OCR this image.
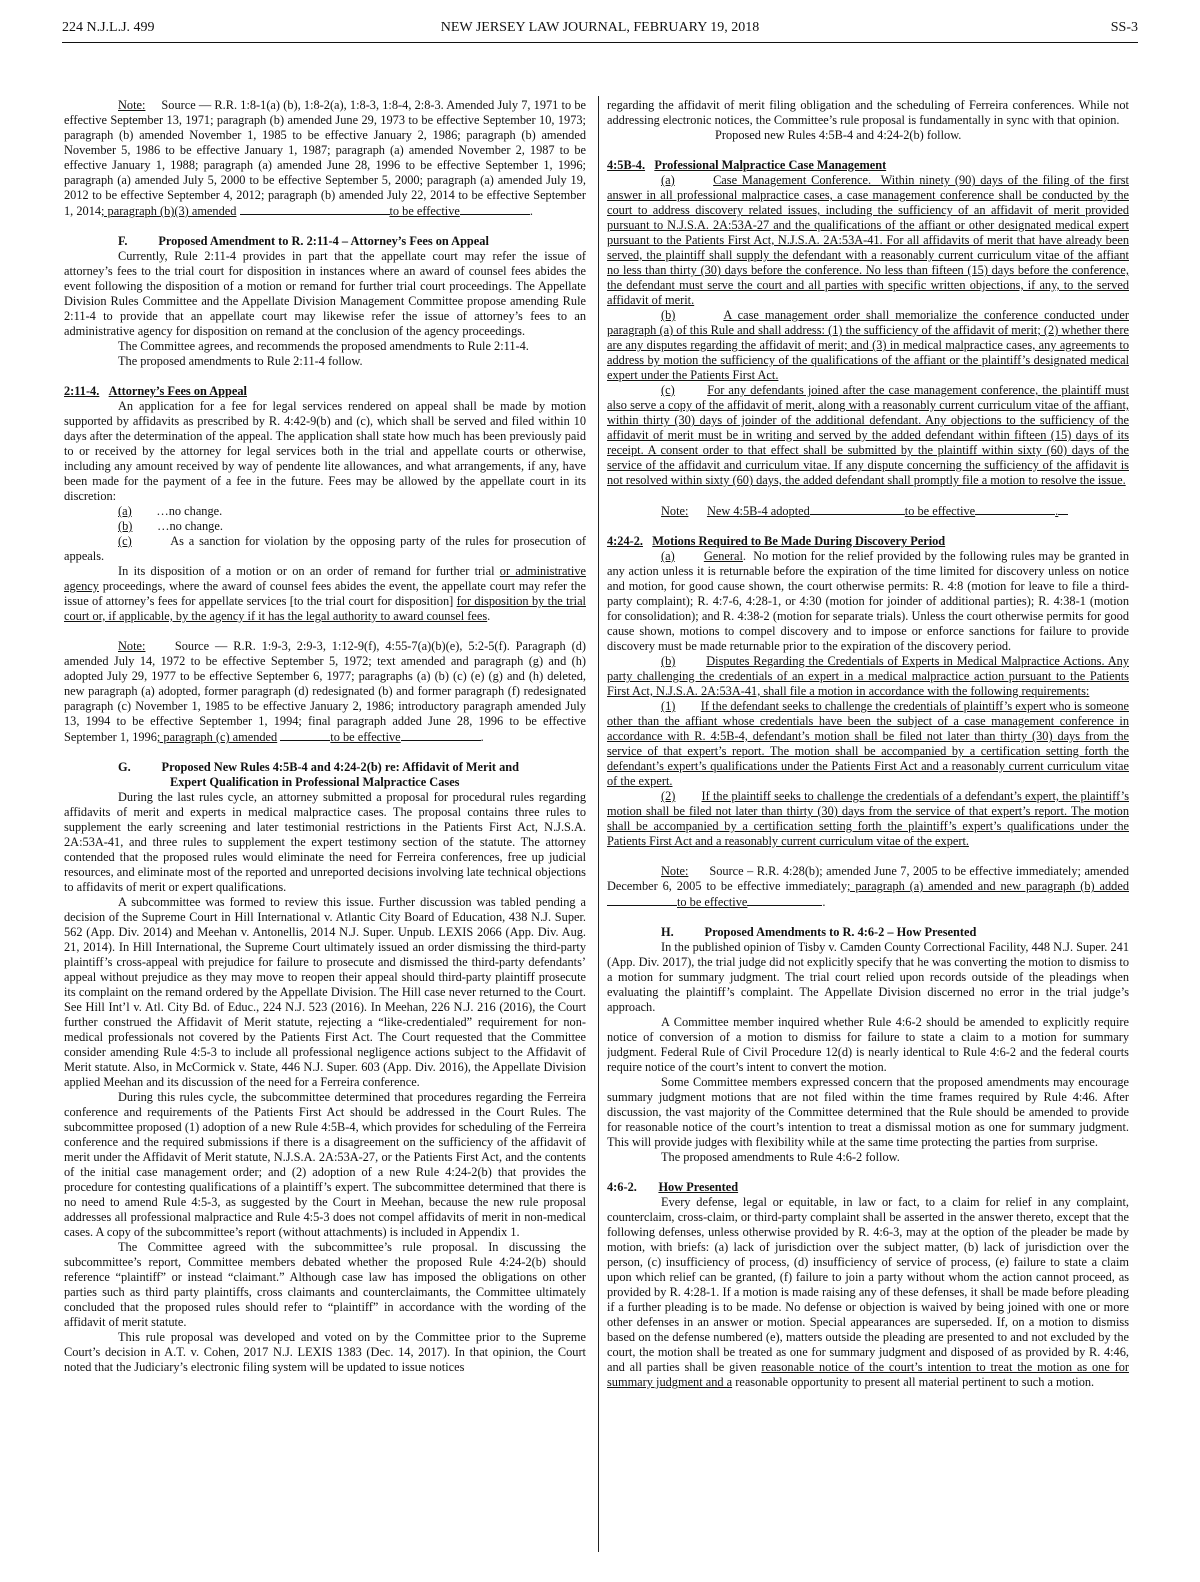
224 N.J.L.J. 499	NEW JERSEY LAW JOURNAL, FEBRUARY 19, 2018	SS-3

Note: Source — R.R. 1:8-1(a) (b), 1:8-2(a), 1:8-3, 1:8-4, 2:8-3. Amended July 7, 1971 to be effective September 13, 1971; paragraph (b) amended June 29, 1973 to be effective September 10, 1973; paragraph (b) amended November 1, 1985 to be effective January 2, 1986; paragraph (b) amended November 5, 1986 to be effective January 1, 1987; paragraph (a) amended November 2, 1987 to be effective January 1, 1988; paragraph (a) amended June 28, 1996 to be effective September 1, 1996; paragraph (a) amended July 5, 2000 to be effective September 5, 2000; paragraph (a) amended July 19, 2012 to be effective September 4, 2012; paragraph (b) amended July 22, 2014 to be effective September 1, 2014; paragraph (b)(3) amended	to be effective	.

F.          Proposed Amendment to R. 2:11-4 – Attorney’s Fees on Appeal

Currently, Rule 2:11-4 provides in part that the appellate court may refer the issue of attorney’s fees to the trial court for disposition in instances where an award of counsel fees abides the event following the disposition of a motion or remand for further trial court proceedings. The Appellate Division Rules Committee and the Appellate Division Management Committee propose amending Rule 2:11-4 to provide that an appellate court may likewise refer the issue of attorney’s fees to an administrative agency for disposition on remand at the conclusion of the agency proceedings.

The Committee agrees, and recommends the proposed amendments to Rule 2:11-4.

The proposed amendments to Rule 2:11-4 follow.

2:11-4. Attorney’s Fees on Appeal

An application for a fee for legal services rendered on appeal shall be made by motion supported by affidavits as prescribed by R. 4:42-9(b) and (c), which shall be served and filed within 10 days after the determination of the appeal. The application shall state how much has been previously paid to or received by the attorney for legal services both in the trial and appellate courts or otherwise, including any amount received by way of pendente lite allowances, and what arrangements, if any, have been made for the payment of a fee in the future. Fees may be allowed by the appellate court in its discretion:

(a) …no change.

(b) …no change.

(c)	As a sanction for violation by the opposing party of the rules for prosecution of appeals.

In its disposition of a motion or on an order of remand for further trial or administrative agency proceedings, where the award of counsel fees abides the event, the appellate court may refer the issue of attorney’s fees for appellate services [to the trial court for disposition] for disposition by the trial court or, if applicable, by the agency if it has the legal authority to award counsel fees.

Note: Source — R.R. 1:9-3, 2:9-3, 1:12-9(f), 4:55-7(a)(b)(e), 5:2-5(f). Paragraph (d) amended July 14, 1972 to be effective September 5, 1972; text amended and paragraph (g) and (h) adopted July 29, 1977 to be effective September 6, 1977; paragraphs (a) (b) (c) (e) (g) and (h) deleted, new paragraph (a) adopted, former paragraph (d) redesignated (b) and former paragraph (f) redesignated paragraph (c) November 1, 1985 to be effective January 2, 1986; introductory paragraph amended July 13, 1994 to be effective September 1, 1994; final paragraph added June 28, 1996 to be effective September 1, 1996; paragraph (c) amended	to be effective	.

G.          Proposed New Rules 4:5B-4 and 4:24-2(b) re: Affidavit of Merit and

Expert Qualification in Professional Malpractice Cases

During the last rules cycle, an attorney submitted a proposal for procedural rules regarding affidavits of merit and experts in medical malpractice cases. The proposal contains three rules to supplement the early screening and later testimonial restrictions in the Patients First Act, N.J.S.A. 2A:53A-41, and three rules to supplement the expert testimony section of the statute. The attorney contended that the proposed rules would eliminate the need for Ferreira conferences, free up judicial resources, and eliminate most of the reported and unreported decisions involving late technical objections to affidavits of merit or expert qualifications.

A subcommittee was formed to review this issue. Further discussion was tabled pending a decision of the Supreme Court in Hill International v. Atlantic City Board of Education, 438 N.J. Super. 562 (App. Div. 2014) and Meehan v. Antonellis, 2014 N.J. Super. Unpub. LEXIS 2066 (App. Div. Aug. 21, 2014). In Hill International, the Supreme Court ultimately issued an order dismissing the third-party plaintiff’s cross-appeal with prejudice for failure to prosecute and dismissed the third-party defendants’ appeal without prejudice as they may move to reopen their appeal should third-party plaintiff prosecute its complaint on the remand ordered by the Appellate Division. The Hill case never returned to the Court. See Hill Int’l v. Atl. City Bd. of Educ., 224 N.J. 523 (2016). In Meehan, 226 N.J. 216 (2016), the Court further construed the Affidavit of Merit statute, rejecting a “like-credentialed” requirement for non-medical professionals not covered by the Patients First Act. The Court requested that the Committee consider amending Rule 4:5-3 to include all professional negligence actions subject to the Affidavit of Merit statute. Also, in McCormick v. State, 446 N.J. Super. 603 (App. Div. 2016), the Appellate Division applied Meehan and its discussion of the need for a Ferreira conference.

During this rules cycle, the subcommittee determined that procedures regarding the Ferreira conference and requirements of the Patients First Act should be addressed in the Court Rules. The subcommittee proposed (1) adoption of a new Rule 4:5B-4, which provides for scheduling of the Ferreira conference and the required submissions if there is a disagreement on the sufficiency of the affidavit of merit under the Affidavit of Merit statute, N.J.S.A. 2A:53A-27, or the Patients First Act, and the contents of the initial case management order; and (2) adoption of a new Rule 4:24-2(b) that provides the procedure for contesting qualifications of a plaintiff’s expert. The subcommittee determined that there is no need to amend Rule 4:5-3, as suggested by the Court in Meehan, because the new rule proposal addresses all professional malpractice and Rule 4:5-3 does not compel affidavits of merit in non-medical cases. A copy of the subcommittee’s report (without attachments) is included in Appendix 1.

The Committee agreed with the subcommittee’s rule proposal. In discussing the subcommittee’s report, Committee members debated whether the proposed Rule 4:24-2(b) should reference “plaintiff” or instead “claimant.” Although case law has imposed the obligations on other parties such as third party plaintiffs, cross claimants and counterclaimants, the Committee ultimately concluded that the proposed rules should refer to “plaintiff” in accordance with the wording of the affidavit of merit statute.

This rule proposal was developed and voted on by the Committee prior to the Supreme Court’s decision in A.T. v. Cohen, 2017 N.J. LEXIS 1383 (Dec. 14, 2017). In that opinion, the Court noted that the Judiciary’s electronic filing system will be updated to issue notices

regarding the affidavit of merit filing obligation and the scheduling of Ferreira conferences. While not addressing electronic notices, the Committee’s rule proposal is fundamentally in sync with that opinion.

Proposed new Rules 4:5B-4 and 4:24-2(b) follow.

4:5B-4. Professional Malpractice Case Management

(a)	Case Management Conference.  Within ninety (90) days of the filing of the first answer in all professional malpractice cases, a case management conference shall be conducted by the court to address discovery related issues, including the sufficiency of an affidavit of merit provided pursuant to N.J.S.A. 2A:53A-27 and the qualifications of the affiant or other designated medical expert pursuant to the Patients First Act, N.J.S.A. 2A:53A-41. For all affidavits of merit that have already been served, the plaintiff shall supply the defendant with a reasonably current curriculum vitae of the affiant no less than thirty (30) days before the conference. No less than fifteen (15) days before the conference, the defendant must serve the court and all parties with specific written objections, if any, to the served affidavit of merit.

(b)	A case management order shall memorialize the conference conducted under paragraph (a) of this Rule and shall address: (1) the sufficiency of the affidavit of merit; (2) whether there are any disputes regarding the affidavit of merit; and (3) in medical malpractice cases, any agreements to address by motion the sufficiency of the qualifications of the affiant or the plaintiff’s designated medical expert under the Patients First Act.

(c)	For any defendants joined after the case management conference, the plaintiff must also serve a copy of the affidavit of merit, along with a reasonably current curriculum vitae of the affiant, within thirty (30) days of joinder of the additional defendant. Any objections to the sufficiency of the affidavit of merit must be in writing and served by the added defendant within fifteen (15) days of its receipt. A consent order to that effect shall be submitted by the plaintiff within sixty (60) days of the service of the affidavit and curriculum vitae. If any dispute concerning the sufficiency of the affidavit is not resolved within sixty (60) days, the added defendant shall promptly file a motion to resolve the issue.

Note: New 4:5B-4 adopted	to be effective	.

4:24-2. Motions Required to Be Made During Discovery Period

(a) General.  No motion for the relief provided by the following rules may be granted in any action unless it is returnable before the expiration of the time limited for discovery unless on notice and motion, for good cause shown, the court otherwise permits: R. 4:8 (motion for leave to file a third-party complaint); R. 4:7-6, 4:28-1, or 4:30 (motion for joinder of additional parties); R. 4:38-1 (motion for consolidation); and R. 4:38-2 (motion for separate trials). Unless the court otherwise permits for good cause shown, motions to compel discovery and to impose or enforce sanctions for failure to provide discovery must be made returnable prior to the expiration of the discovery period.

(b) Disputes Regarding the Credentials of Experts in Medical Malpractice Actions. Any party challenging the credentials of an expert in a medical malpractice action pursuant to the Patients First Act, N.J.S.A. 2A:53A-41, shall file a motion in accordance with the following requirements:

(1) If the defendant seeks to challenge the credentials of plaintiff’s expert who is someone other than the affiant whose credentials have been the subject of a case management conference in accordance with R. 4:5B-4, defendant’s motion shall be filed not later than thirty (30) days from the service of that expert’s report. The motion shall be accompanied by a certification setting forth the defendant’s expert’s qualifications under the Patients First Act and a reasonably current curriculum vitae of the expert.

(2) If the plaintiff seeks to challenge the credentials of a defendant’s expert, the plaintiff’s motion shall be filed not later than thirty (30) days from the service of that expert’s report. The motion shall be accompanied by a certification setting forth the plaintiff’s expert’s qualifications under the Patients First Act and a reasonably current curriculum vitae of the expert.

Note: Source – R.R. 4:28(b); amended June 7, 2005 to be effective immediately; amended December 6, 2005 to be effective immediately; paragraph (a) amended and new paragraph (b) addedto be effective	.

H.          Proposed Amendments to R. 4:6-2 – How Presented

In the published opinion of Tisby v. Camden County Correctional Facility, 448 N.J. Super. 241 (App. Div. 2017), the trial judge did not explicitly specify that he was converting the motion to dismiss to a motion for summary judgment. The trial court relied upon records outside of the pleadings when evaluating the plaintiff’s complaint. The Appellate Division discerned no error in the trial judge’s approach.

A Committee member inquired whether Rule 4:6-2 should be amended to explicitly require notice of conversion of a motion to dismiss for failure to state a claim to a motion for summary judgment. Federal Rule of Civil Procedure 12(d) is nearly identical to Rule 4:6-2 and the federal courts require notice of the court’s intent to convert the motion.

Some Committee members expressed concern that the proposed amendments may encourage summary judgment motions that are not filed within the time frames required by Rule 4:46. After discussion, the vast majority of the Committee determined that the Rule should be amended to provide for reasonable notice of the court’s intention to treat a dismissal motion as one for summary judgment. This will provide judges with flexibility while at the same time protecting the parties from surprise.

The proposed amendments to Rule 4:6-2 follow.

4:6-2. How Presented

Every defense, legal or equitable, in law or fact, to a claim for relief in any complaint, counterclaim, cross-claim, or third-party complaint shall be asserted in the answer thereto, except that the following defenses, unless otherwise provided by R. 4:6-3, may at the option of the pleader be made by motion, with briefs: (a) lack of jurisdiction over the subject matter, (b) lack of jurisdiction over the person, (c) insufficiency of process, (d) insufficiency of service of process, (e) failure to state a claim upon which relief can be granted, (f) failure to join a party without whom the action cannot proceed, as provided by R. 4:28-1. If a motion is made raising any of these defenses, it shall be made before pleading if a further pleading is to be made. No defense or objection is waived by being joined with one or more other defenses in an answer or motion. Special appearances are superseded. If, on a motion to dismiss based on the defense numbered (e), matters outside the pleading are presented to and not excluded by the court, the motion shall be treated as one for summary judgment and disposed of as provided by R. 4:46, and all parties shall be given reasonable notice of the court’s intention to treat the motion as one for summary judgment and a reasonable opportunity to present all material pertinent to such a motion.
